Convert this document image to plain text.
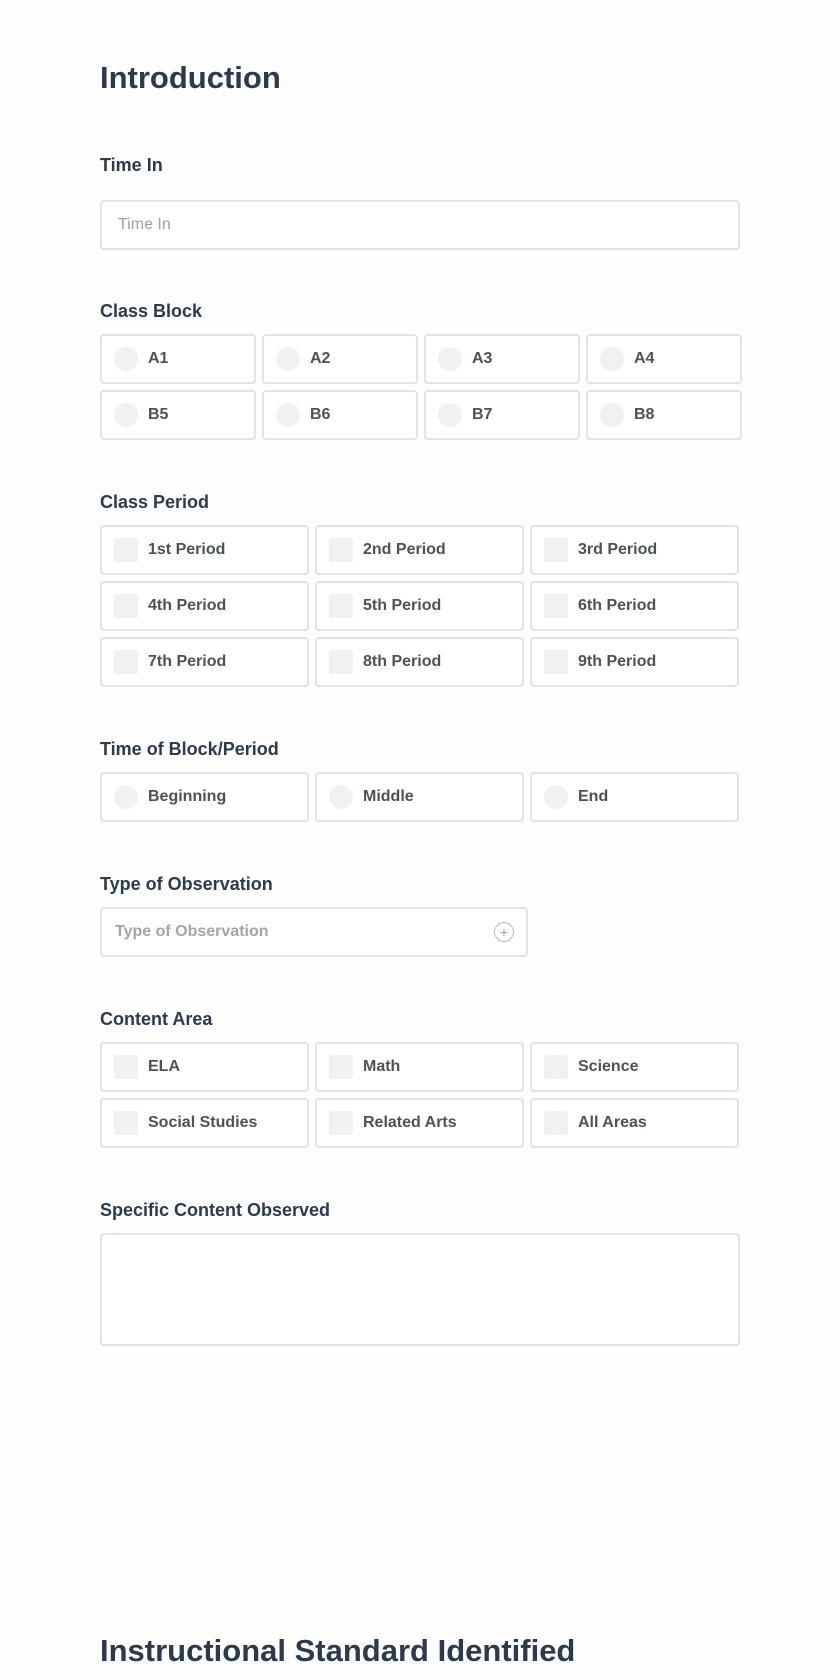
Introduction
Time In
Time In
Class Block
A1	A2	A3	A4
B5	B6	B7	B8
Class Period
1st Period	2nd Period	3rd Period
4th Period	5th Period	6th Period
7th Period	8th Period	9th Period
Time of Block/Period
Beginning	Middle	End
Type of Observation
Type of Observation	+
Content Area
ELA	Math	Science
Social Studies	Related Arts	All Areas
Specific Content Observed
Instructional Standard Identified
